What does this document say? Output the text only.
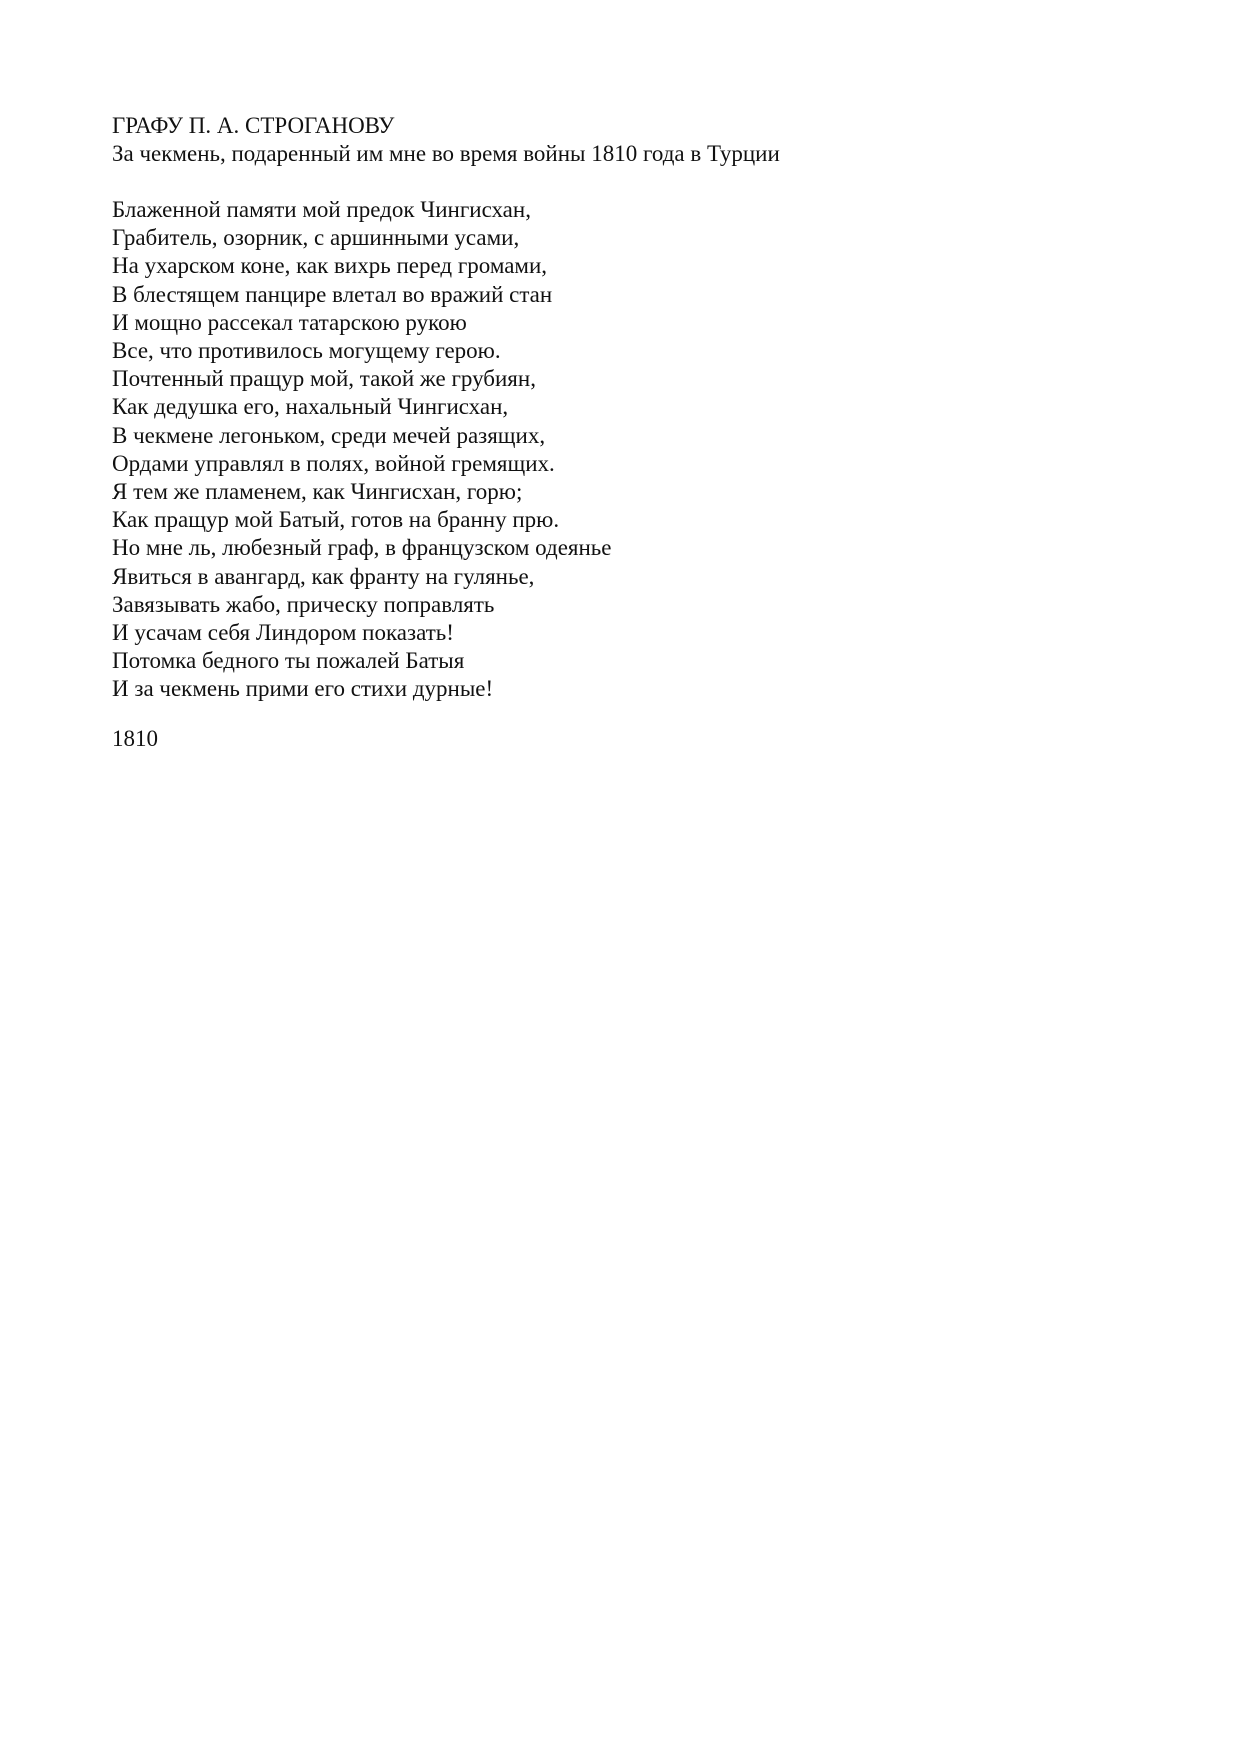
ГРАФУ П. А. СТРОГАНОВУ

За чекмень, подаренный им мне во время войны 1810 года в Турции

Блаженной памяти мой предок Чингисхан,
Грабитель, озорник, с аршинными усами,
На ухарском коне, как вихрь перед громами,
В блестящем панцире влетал во вражий стан
И мощно рассекал татарскою рукою
Все, что противилось могущему герою.
Почтенный пращур мой, такой же грубиян,
Как дедушка его, нахальный Чингисхан,
В чекмене легоньком, среди мечей разящих,
Ордами управлял в полях, войной гремящих.
Я тем же пламенем, как Чингисхан, горю;
Как пращур мой Батый, готов на бранну прю.
Но мне ль, любезный граф, в французском одеянье
Явиться в авангард, как франту на гулянье,
Завязывать жабо, прическу поправлять
И усачам себя Линдором показать!
Потомка бедного ты пожалей Батыя
И за чекмень прими его стихи дурные!

1810
